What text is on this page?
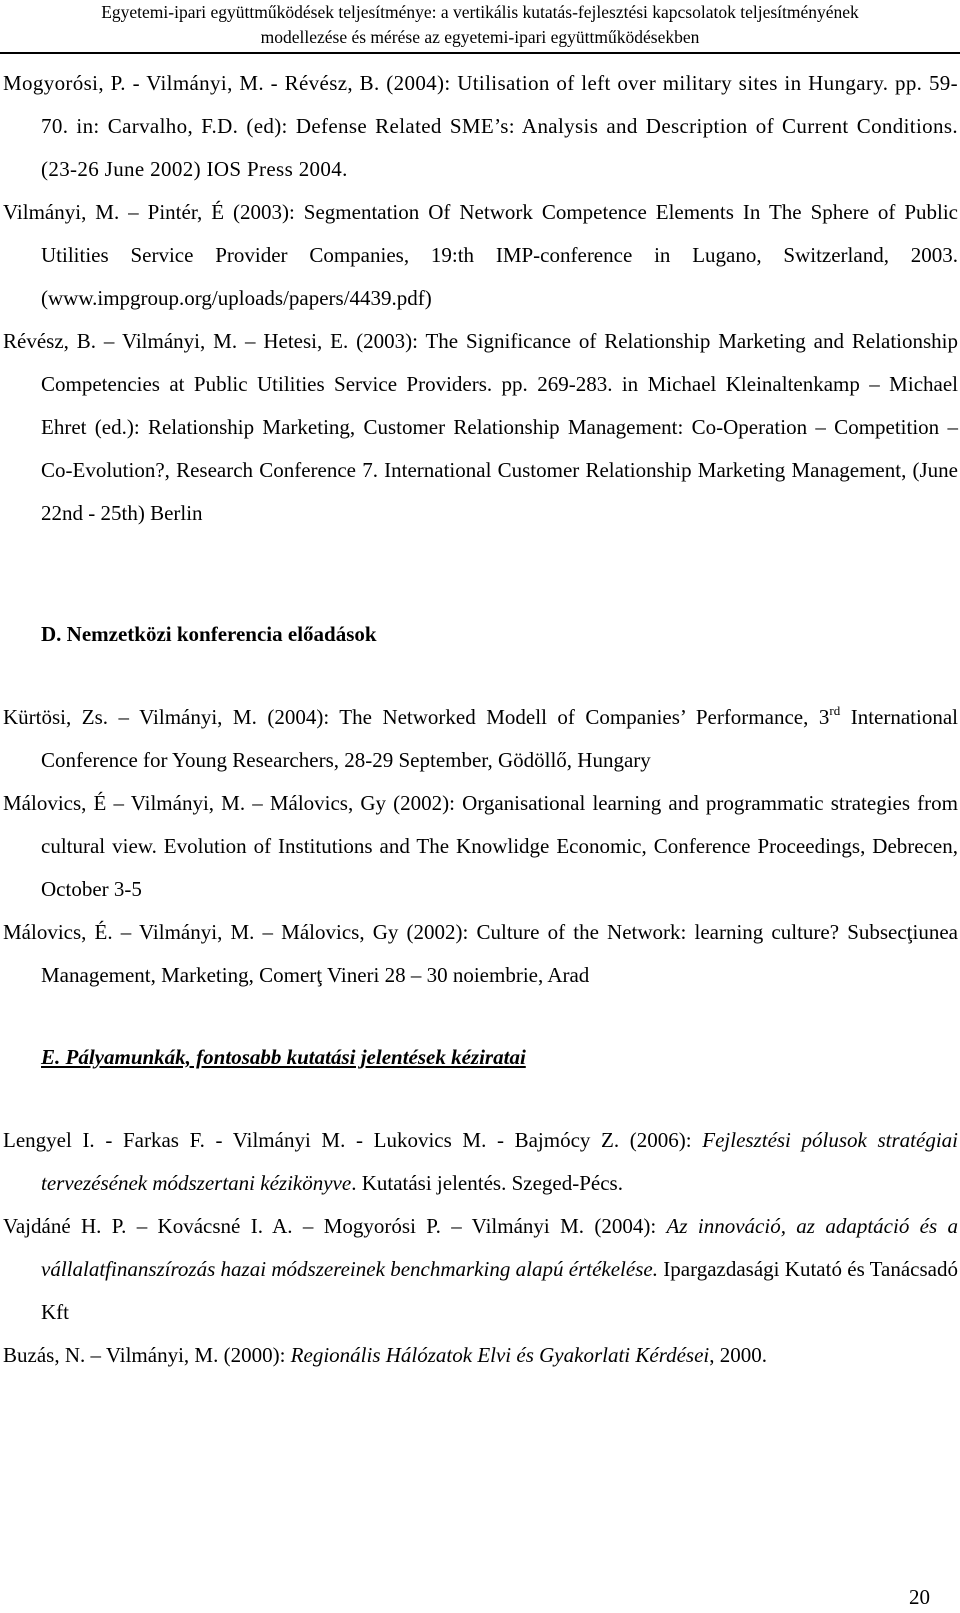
Egyetemi-ipari együttműködések teljesítménye: a vertikális kutatás-fejlesztési kapcsolatok teljesítményének
modellezése és mérése az egyetemi-ipari együttműködésekben

Mogyorósi, P. - Vilmányi, M. - Révész, B. (2004): Utilisation of left over military sites in Hungary. pp. 59-70. in: Carvalho, F.D. (ed): Defense Related SME’s: Analysis and Description of Current Conditions. (23-26 June 2002) IOS Press 2004.

Vilmányi, M. – Pintér, É (2003): Segmentation Of Network Competence Elements In The Sphere of Public Utilities Service Provider Companies, 19:th IMP-conference in Lugano, Switzerland, 2003. (www.impgroup.org/uploads/papers/4439.pdf)

Révész, B. – Vilmányi, M. – Hetesi, E. (2003): The Significance of Relationship Marketing and Relationship Competencies at Public Utilities Service Providers. pp. 269-283. in Michael Kleinaltenkamp – Michael Ehret (ed.): Relationship Marketing, Customer Relationship Management: Co-Operation – Competition – Co-Evolution?, Research Conference 7. International Customer Relationship Marketing Management, (June 22nd - 25th) Berlin

D. Nemzetközi konferencia előadások

Kürtösi, Zs. – Vilmányi, M. (2004): The Networked Modell of Companies’ Performance, 3rd International Conference for Young Researchers, 28-29 September, Gödöllő, Hungary

Málovics, É – Vilmányi, M. – Málovics, Gy (2002): Organisational learning and programmatic strategies from cultural view. Evolution of Institutions and The Knowlidge Economic, Conference Proceedings, Debrecen, October 3-5

Málovics, É. – Vilmányi, M. – Málovics, Gy (2002): Culture of the Network: learning culture? Subsecţiunea Management, Marketing, Comerţ Vineri 28 – 30 noiembrie, Arad

E. Pályamunkák, fontosabb kutatási jelentések kéziratai

Lengyel I. - Farkas F. - Vilmányi M. - Lukovics M. - Bajmócy Z. (2006): Fejlesztési pólusok stratégiai tervezésének módszertani kézikönyve. Kutatási jelentés. Szeged-Pécs.

Vajdáné H. P. – Kovácsné I. A. – Mogyorósi P. – Vilmányi M. (2004): Az innováció, az adaptáció és a vállalatfinanszírozás hazai módszereinek benchmarking alapú értékelése. Ipargazdasági Kutató és Tanácsadó Kft

Buzás, N. – Vilmányi, M. (2000): Regionális Hálózatok Elvi és Gyakorlati Kérdései, 2000.

20
